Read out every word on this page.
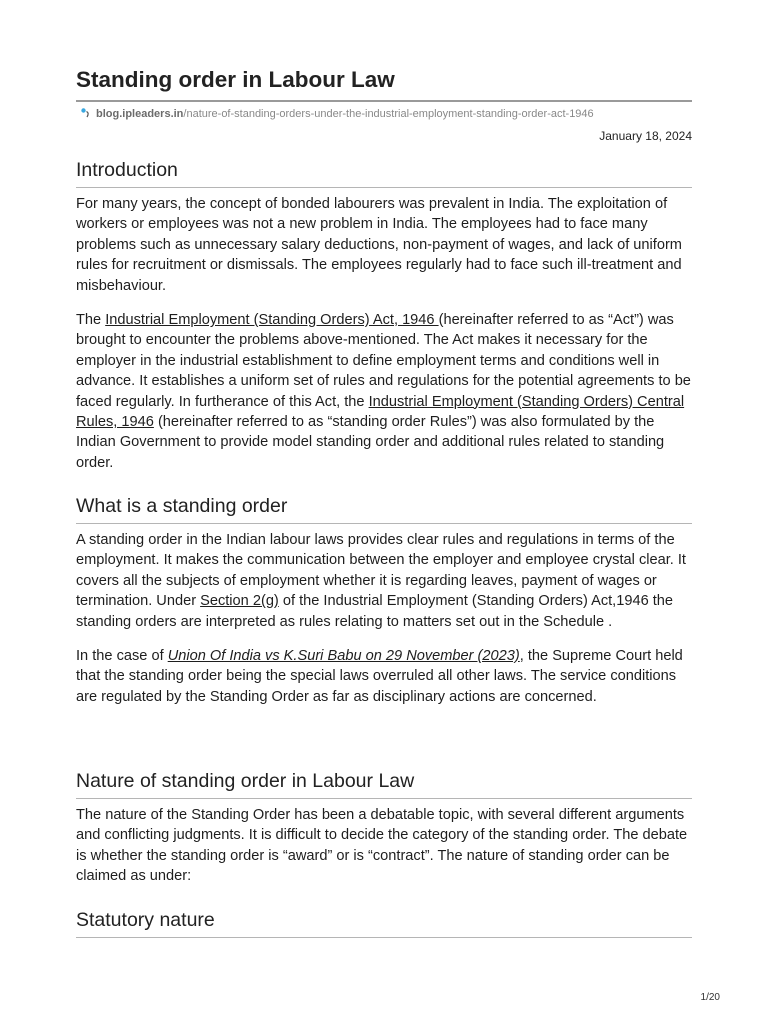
Standing order in Labour Law
blog.ipleaders.in/nature-of-standing-orders-under-the-industrial-employment-standing-order-act-1946
January 18, 2024
Introduction

For many years, the concept of bonded labourers was prevalent in India. The exploitation of workers or employees was not a new problem in India. The employees had to face many problems such as unnecessary salary deductions, non-payment of wages, and lack of uniform rules for recruitment or dismissals. The employees regularly had to face such ill-treatment and misbehaviour.

The Industrial Employment (Standing Orders) Act, 1946 (hereinafter referred to as “Act”) was brought to encounter the problems above-mentioned. The Act makes it necessary for the employer in the industrial establishment to define employment terms and conditions well in advance. It establishes a uniform set of rules and regulations for the potential agreements to be faced regularly. In furtherance of this Act, the Industrial Employment (Standing Orders) Central Rules, 1946 (hereinafter referred to as “standing order Rules”) was also formulated by the Indian Government to provide model standing order and additional rules related to standing order.

What is a standing order

A standing order in the Indian labour laws provides clear rules and regulations in terms of the employment. It makes the communication between the employer and employee crystal clear. It covers all the subjects of employment whether it is regarding leaves, payment of wages or termination. Under Section 2(g) of the Industrial Employment (Standing Orders) Act,1946 the standing orders are interpreted as rules relating to matters set out in the Schedule .

In the case of Union Of India vs K.Suri Babu on 29 November (2023), the Supreme Court held that the standing order being the special laws overruled all other laws. The service conditions are regulated by the Standing Order as far as disciplinary actions are concerned.

Nature of standing order in Labour Law

The nature of the Standing Order has been a debatable topic, with several different arguments and conflicting judgments. It is difficult to decide the category of the standing order. The debate is whether the standing order is “award” or is “contract”. The nature of standing order can be claimed as under:

Statutory nature
1/20
